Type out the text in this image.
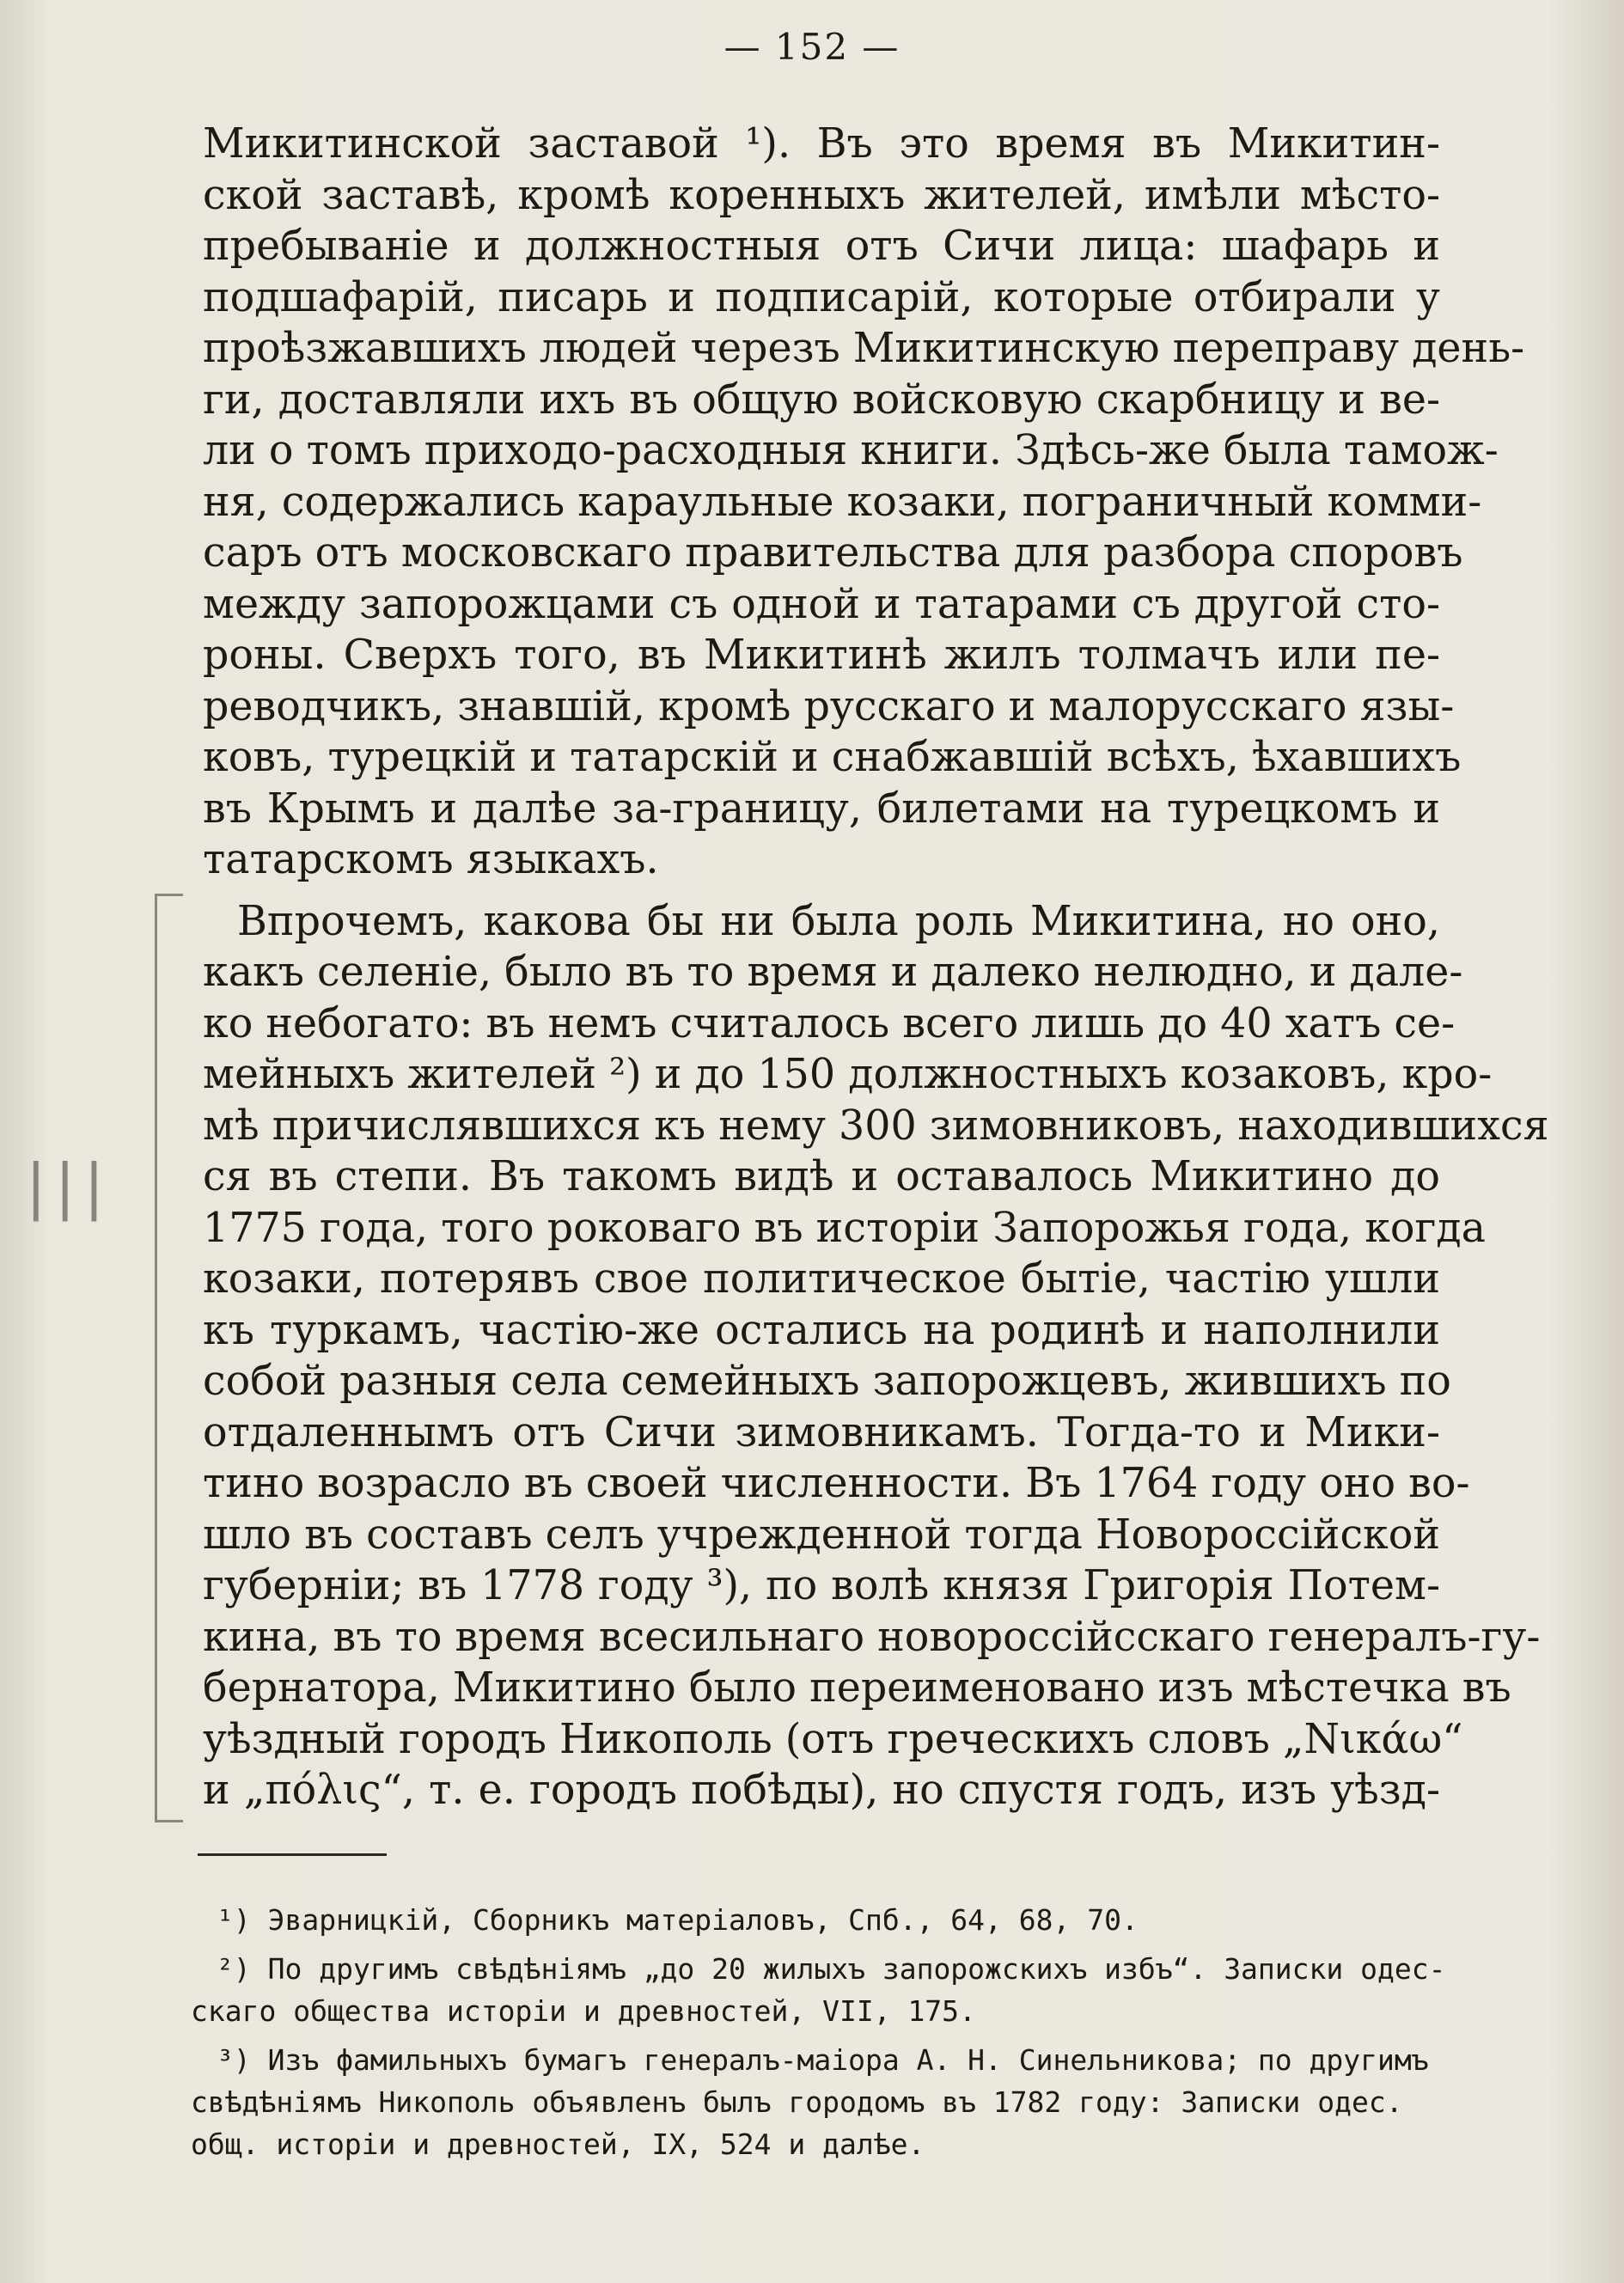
— 152 —
| | |
Микитинской заставой ¹). Въ это время въ Микитин-
ской заставѣ, кромѣ коренныхъ жителей, имѣли мѣсто-
пребываніе и должностныя отъ Сичи лица: шафарь и
подшафарій, писарь и подписарій, которые отбирали у
проѣзжавшихъ людей черезъ Микитинскую переправу день-
ги, доставляли ихъ въ общую войсковую скарбницу и ве-
ли о томъ приходо-расходныя книги. Здѣсь-же была тамож-
ня, содержались караульные козаки, пограничный комми-
саръ отъ московскаго правительства для разбора споровъ
между запорожцами съ одной и татарами съ другой сто-
роны. Сверхъ того, въ Микитинѣ жилъ толмачъ или пе-
реводчикъ, знавшій, кромѣ русскаго и малорусскаго язы-
ковъ, турецкій и татарскій и снабжавшій всѣхъ, ѣхавшихъ
въ Крымъ и далѣе за-границу, билетами на турецкомъ и
татарскомъ языкахъ.
Впрочемъ, какова бы ни была роль Микитина, но оно,
какъ селеніе, было въ то время и далеко нелюдно, и дале-
ко небогато: въ немъ считалось всего лишь до 40 хатъ се-
мейныхъ жителей ²) и до 150 должностныхъ козаковъ, кро-
мѣ причислявшихся къ нему 300 зимовниковъ, находившихся
ся въ степи. Въ такомъ видѣ и оставалось Микитино до
1775 года, того роковаго въ исторіи Запорожья года, когда
козаки, потерявъ свое политическое бытіе, частію ушли
къ туркамъ, частію-же остались на родинѣ и наполнили
собой разныя села семейныхъ запорожцевъ, жившихъ по
отдаленнымъ отъ Сичи зимовникамъ. Тогда-то и Мики-
тино возрасло въ своей численности. Въ 1764 году оно во-
шло въ составъ селъ учрежденной тогда Новороссійской
губерніи; въ 1778 году ³), по волѣ князя Григорія Потем-
кина, въ то время всесильнаго новороссійсскаго генералъ-гу-
бернатора, Микитино было переименовано изъ мѣстечка въ
уѣздный городъ Никополь (отъ греческихъ словъ „Νικάω“
и „πόλις“, т. е. городъ побѣды), но спустя годъ, изъ уѣзд-
¹) Эварницкій, Сборникъ матеріаловъ, Спб., 64, 68, 70.
²) По другимъ свѣдѣніямъ „до 20 жилыхъ запорожскихъ избъ“. Записки одес-
скаго общества исторіи и древностей, VII, 175.
³) Изъ фамильныхъ бумагъ генералъ-маіора А. Н. Синельникова; по другимъ
свѣдѣніямъ Никополь объявленъ былъ городомъ въ 1782 году: Записки одес.
общ. исторіи и древностей, IX, 524 и далѣе.
